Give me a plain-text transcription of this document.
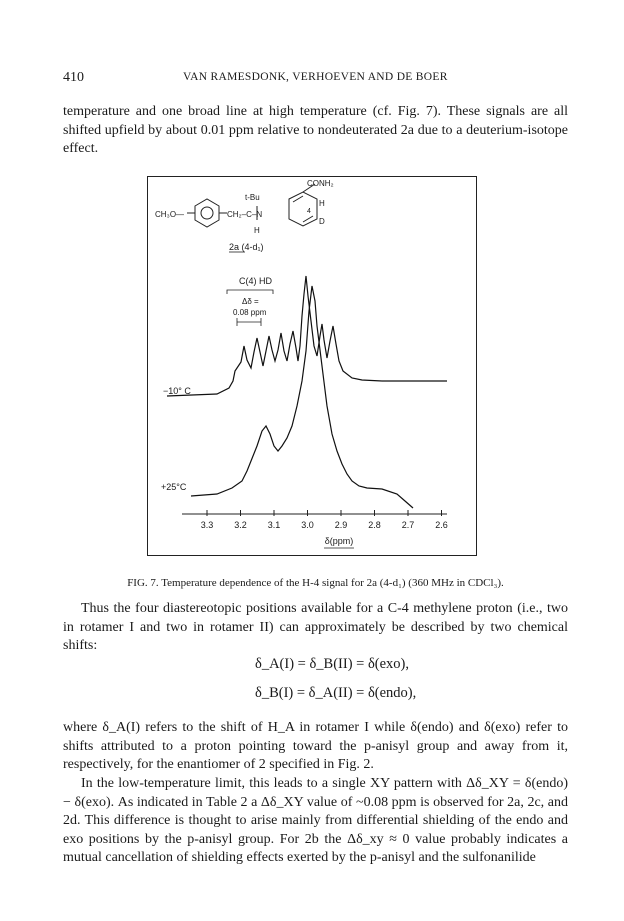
410	VAN RAMESDONK, VERHOEVEN AND DE BOER

temperature and one broad line at high temperature (cf. Fig. 7). These signals are all shifted upfield by about 0.01 ppm relative to nondeuterated 2a due to a deuterium-isotope effect.

CH₃O—
t-Bu
CH₂–C–N
H
CONH₂
H
D
4
2a (4-d₁)
C(4) HD
Δδ =
0.08 ppm
−10° C
+25°C
3.3 3.2 3.1 3.0 2.9 2.8 2.7 2.6
δ(ppm)

FIG. 7. Temperature dependence of the H-4 signal for 2a (4-d₁) (360 MHz in CDCl₃).

Thus the four diastereotopic positions available for a C-4 methylene proton (i.e., two in rotamer I and two in rotamer II) can approximately be described by two chemical shifts:

δ_A(I) = δ_B(II) = δ(exo),
δ_B(I) = δ_A(II) = δ(endo),

where δ_A(I) refers to the shift of H_A in rotamer I while δ(endo) and δ(exo) refer to shifts attributed to a proton pointing toward the p-anisyl group and away from it, respectively, for the enantiomer of 2 specified in Fig. 2.

In the low-temperature limit, this leads to a single XY pattern with Δδ_XY = δ(endo) − δ(exo). As indicated in Table 2 a Δδ_XY value of ~0.08 ppm is observed for 2a, 2c, and 2d. This difference is thought to arise mainly from differential shielding of the endo and exo positions by the p-anisyl group. For 2b the Δδ_xy ≈ 0 value probably indicates a mutual cancellation of shielding effects exerted by the p-anisyl and the sulfonanilide
